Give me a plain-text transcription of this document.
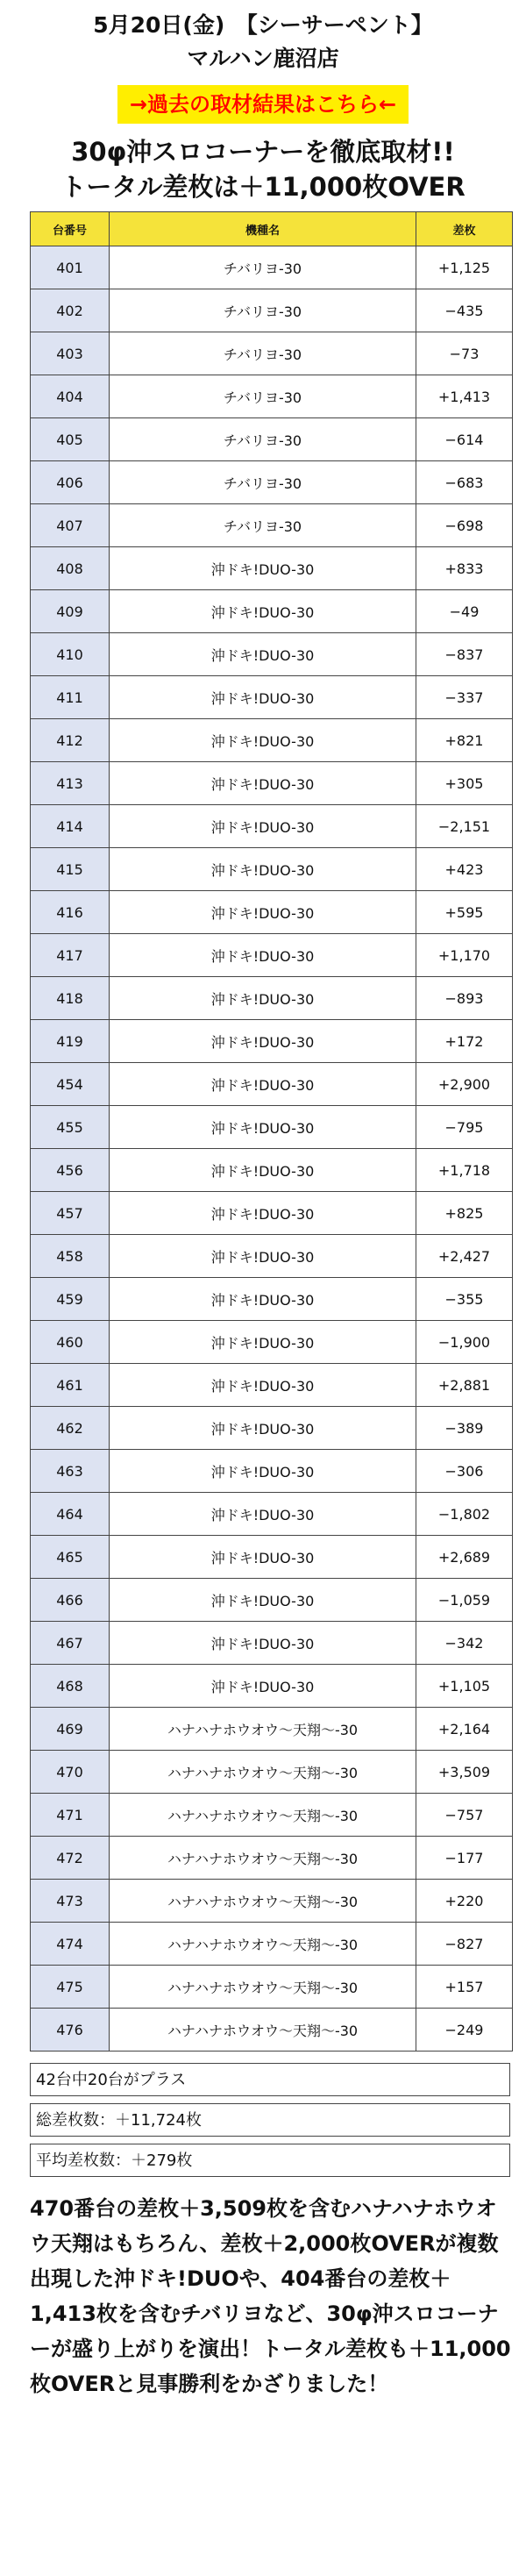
5月20日(金)　【シーサーペント】
マルハン鹿沼店
→過去の取材結果はこちら←
30φ沖スロコーナーを徹底取材!!
トータル差枚は＋11,000枚OVER
台番号	機種名	差枚
401	チバリヨ-30	+1,125
402	チバリヨ-30	−435
403	チバリヨ-30	−73
404	チバリヨ-30	+1,413
405	チバリヨ-30	−614
406	チバリヨ-30	−683
407	チバリヨ-30	−698
408	沖ドキ!DUO-30	+833
409	沖ドキ!DUO-30	−49
410	沖ドキ!DUO-30	−837
411	沖ドキ!DUO-30	−337
412	沖ドキ!DUO-30	+821
413	沖ドキ!DUO-30	+305
414	沖ドキ!DUO-30	−2,151
415	沖ドキ!DUO-30	+423
416	沖ドキ!DUO-30	+595
417	沖ドキ!DUO-30	+1,170
418	沖ドキ!DUO-30	−893
419	沖ドキ!DUO-30	+172
454	沖ドキ!DUO-30	+2,900
455	沖ドキ!DUO-30	−795
456	沖ドキ!DUO-30	+1,718
457	沖ドキ!DUO-30	+825
458	沖ドキ!DUO-30	+2,427
459	沖ドキ!DUO-30	−355
460	沖ドキ!DUO-30	−1,900
461	沖ドキ!DUO-30	+2,881
462	沖ドキ!DUO-30	−389
463	沖ドキ!DUO-30	−306
464	沖ドキ!DUO-30	−1,802
465	沖ドキ!DUO-30	+2,689
466	沖ドキ!DUO-30	−1,059
467	沖ドキ!DUO-30	−342
468	沖ドキ!DUO-30	+1,105
469	ハナハナホウオウ〜天翔〜-30	+2,164
470	ハナハナホウオウ〜天翔〜-30	+3,509
471	ハナハナホウオウ〜天翔〜-30	−757
472	ハナハナホウオウ〜天翔〜-30	−177
473	ハナハナホウオウ〜天翔〜-30	+220
474	ハナハナホウオウ〜天翔〜-30	−827
475	ハナハナホウオウ〜天翔〜-30	+157
476	ハナハナホウオウ〜天翔〜-30	−249
42台中20台がプラス
総差枚数：＋11,724枚
平均差枚数：＋279枚
470番台の差枚＋3,509枚を含むハナハナホウオウ天翔はもちろん、差枚＋2,000枚OVERが複数出現した沖ドキ!DUOや、404番台の差枚＋1,413枚を含むチバリヨなど、30φ沖スロコーナーが盛り上がりを演出！トータル差枚も＋11,000枚OVERと見事勝利をかざりました！
